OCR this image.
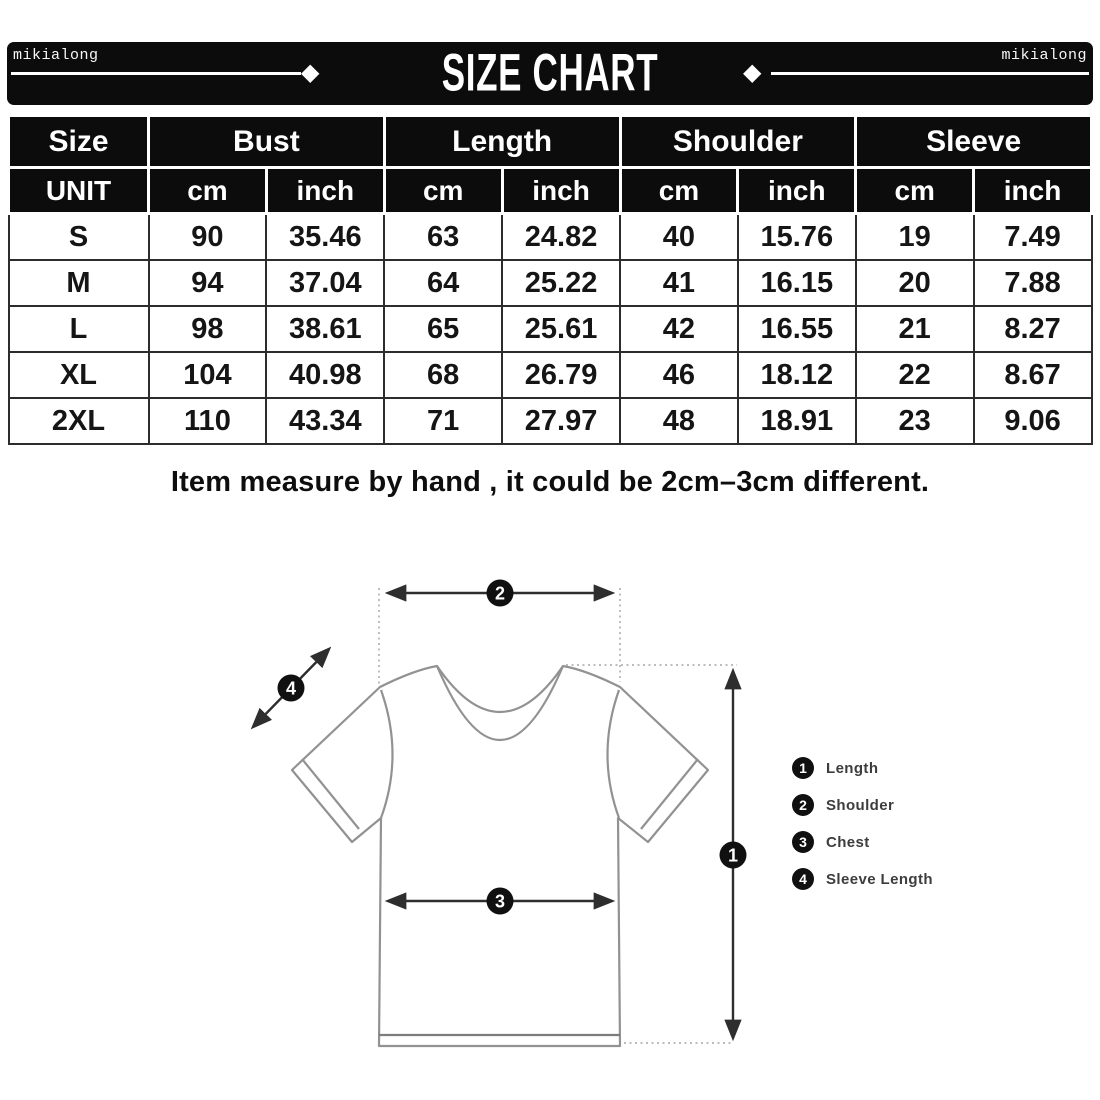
mikialong
◆ SIZE CHART	◆
mikialong
Size	Bust		Length		Shoulder		Sleeve	
UNIT	cm	inch	cm	inch	cm	inch	cm	inch
S	90	35.46	63	24.82	40	15.76	19	7.49
M	94	37.04	64	25.22	41	16.15	20	7.88
L	98	38.61	65	25.61	42	16.55	21	8.27
XL	104	40.98	68	26.79	46	18.12	22	8.67
2XL	110	43.34	71	27.97	48	18.91	23	9.06
Item measure by hand , it could be 2cm–3cm different.
2
3
1
4
1	Length
2	Shoulder
3	Chest
4	Sleeve Length
